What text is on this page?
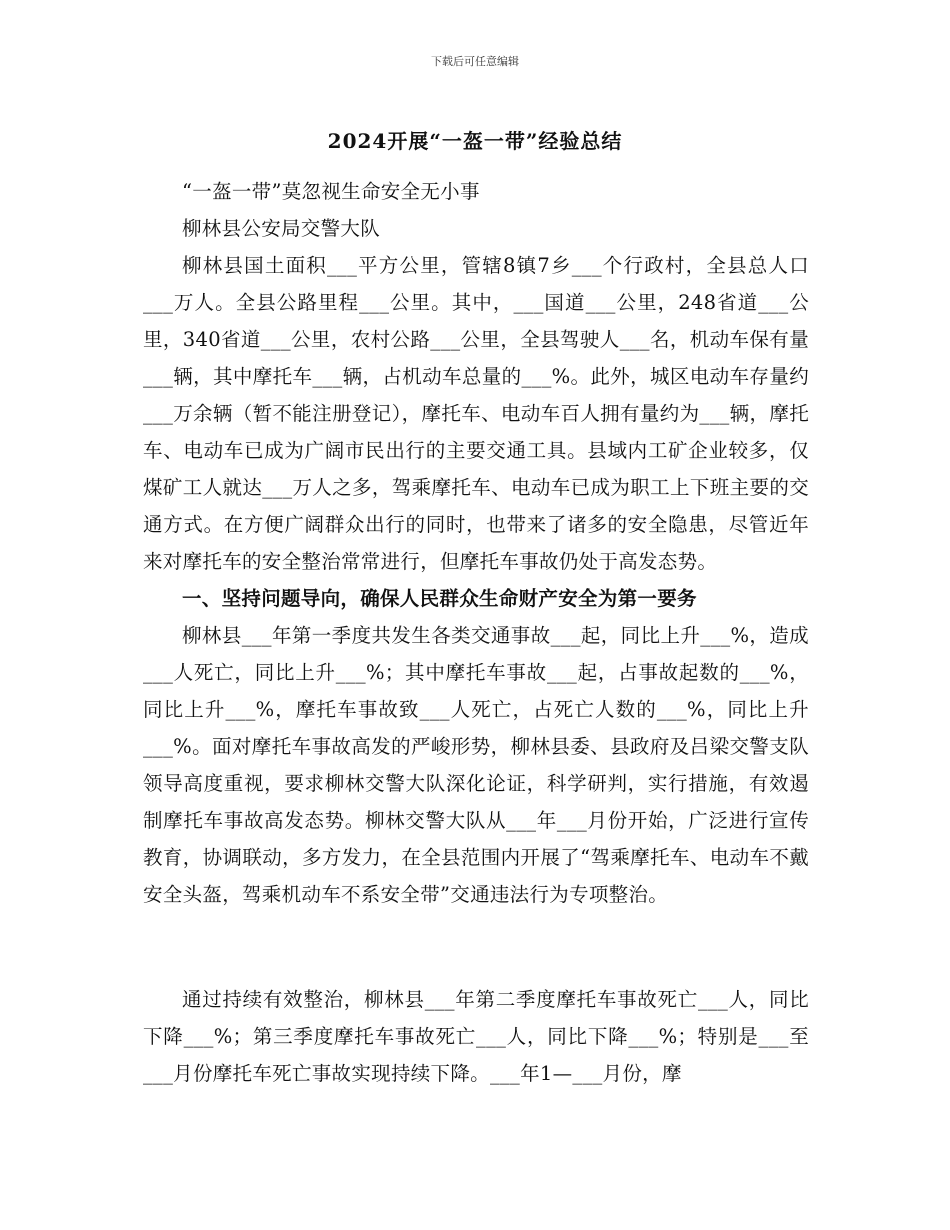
下载后可任意编辑
2024开展“一盔一带”经验总结

“一盔一带”莫忽视生命安全无小事

柳林县公安局交警大队

柳林县国土面积___平方公里，管辖8镇7乡___个行政村，全县总人口___万人。全县公路里程___公里。其中，___国道___公里，248省道___公里，340省道___公里，农村公路___公里，全县驾驶人___名，机动车保有量___辆，其中摩托车___辆，占机动车总量的___%。此外，城区电动车存量约___万余辆（暂不能注册登记），摩托车、电动车百人拥有量约为___辆，摩托车、电动车已成为广阔市民出行的主要交通工具。县域内工矿企业较多，仅煤矿工人就达___万人之多，驾乘摩托车、电动车已成为职工上下班主要的交通方式。在方便广阔群众出行的同时，也带来了诸多的安全隐患，尽管近年来对摩托车的安全整治常常进行，但摩托车事故仍处于高发态势。

一、坚持问题导向，确保人民群众生命财产安全为第一要务

柳林县___年第一季度共发生各类交通事故___起，同比上升___%，造成___人死亡，同比上升___%；其中摩托车事故___起，占事故起数的___%，同比上升___%，摩托车事故致___人死亡，占死亡人数的___%，同比上升___%。面对摩托车事故高发的严峻形势，柳林县委、县政府及吕梁交警支队领导高度重视，要求柳林交警大队深化论证，科学研判，实行措施，有效遏制摩托车事故高发态势。柳林交警大队从___年___月份开始，广泛进行宣传教育，协调联动，多方发力，在全县范围内开展了“驾乘摩托车、电动车不戴安全头盔，驾乘机动车不系安全带”交通违法行为专项整治。

通过持续有效整治，柳林县___年第二季度摩托车事故死亡___人，同比下降___%；第三季度摩托车事故死亡___人，同比下降___%；特别是___至___月份摩托车死亡事故实现持续下降。___年1—___月份，摩
